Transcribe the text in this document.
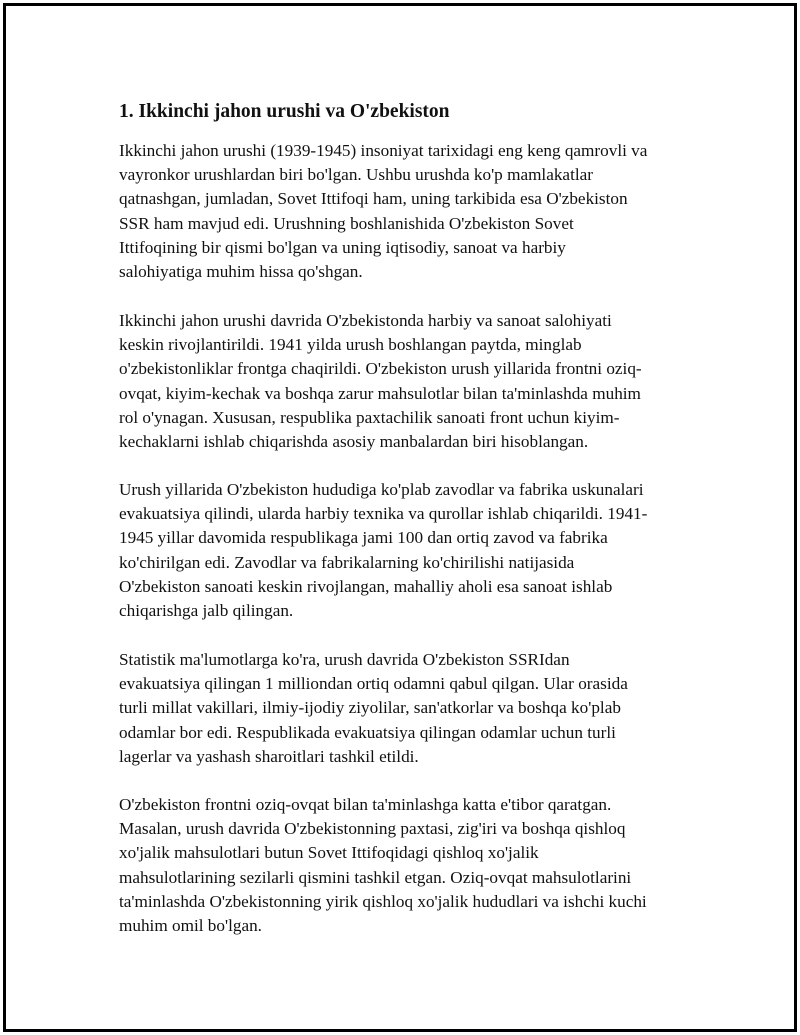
1. Ikkinchi jahon urushi va O'zbekiston
Ikkinchi jahon urushi (1939-1945) insoniyat tarixidagi eng keng qamrovli va
vayronkor urushlardan biri bo'lgan. Ushbu urushda ko'p mamlakatlar
qatnashgan, jumladan, Sovet Ittifoqi ham, uning tarkibida esa O'zbekiston
SSR ham mavjud edi. Urushning boshlanishida O'zbekiston Sovet
Ittifoqining bir qismi bo'lgan va uning iqtisodiy, sanoat va harbiy
salohiyatiga muhim hissa qo'shgan.
Ikkinchi jahon urushi davrida O'zbekistonda harbiy va sanoat salohiyati
keskin rivojlantirildi. 1941 yilda urush boshlangan paytda, minglab
o'zbekistonliklar frontga chaqirildi. O'zbekiston urush yillarida frontni oziq-
ovqat, kiyim-kechak va boshqa zarur mahsulotlar bilan ta'minlashda muhim
rol o'ynagan. Xususan, respublika paxtachilik sanoati front uchun kiyim-
kechaklarni ishlab chiqarishda asosiy manbalardan biri hisoblangan.
Urush yillarida O'zbekiston hududiga ko'plab zavodlar va fabrika uskunalari
evakuatsiya qilindi, ularda harbiy texnika va qurollar ishlab chiqarildi. 1941-
1945 yillar davomida respublikaga jami 100 dan ortiq zavod va fabrika
ko'chirilgan edi. Zavodlar va fabrikalarning ko'chirilishi natijasida
O'zbekiston sanoati keskin rivojlangan, mahalliy aholi esa sanoat ishlab
chiqarishga jalb qilingan.
Statistik ma'lumotlarga ko'ra, urush davrida O'zbekiston SSRIdan
evakuatsiya qilingan 1 milliondan ortiq odamni qabul qilgan. Ular orasida
turli millat vakillari, ilmiy-ijodiy ziyolilar, san'atkorlar va boshqa ko'plab
odamlar bor edi. Respublikada evakuatsiya qilingan odamlar uchun turli
lagerlar va yashash sharoitlari tashkil etildi.
O'zbekiston frontni oziq-ovqat bilan ta'minlashga katta e'tibor qaratgan.
Masalan, urush davrida O'zbekistonning paxtasi, zig'iri va boshqa qishloq
xo'jalik mahsulotlari butun Sovet Ittifoqidagi qishloq xo'jalik
mahsulotlarining sezilarli qismini tashkil etgan. Oziq-ovqat mahsulotlarini
ta'minlashda O'zbekistonning yirik qishloq xo'jalik hududlari va ishchi kuchi
muhim omil bo'lgan.
